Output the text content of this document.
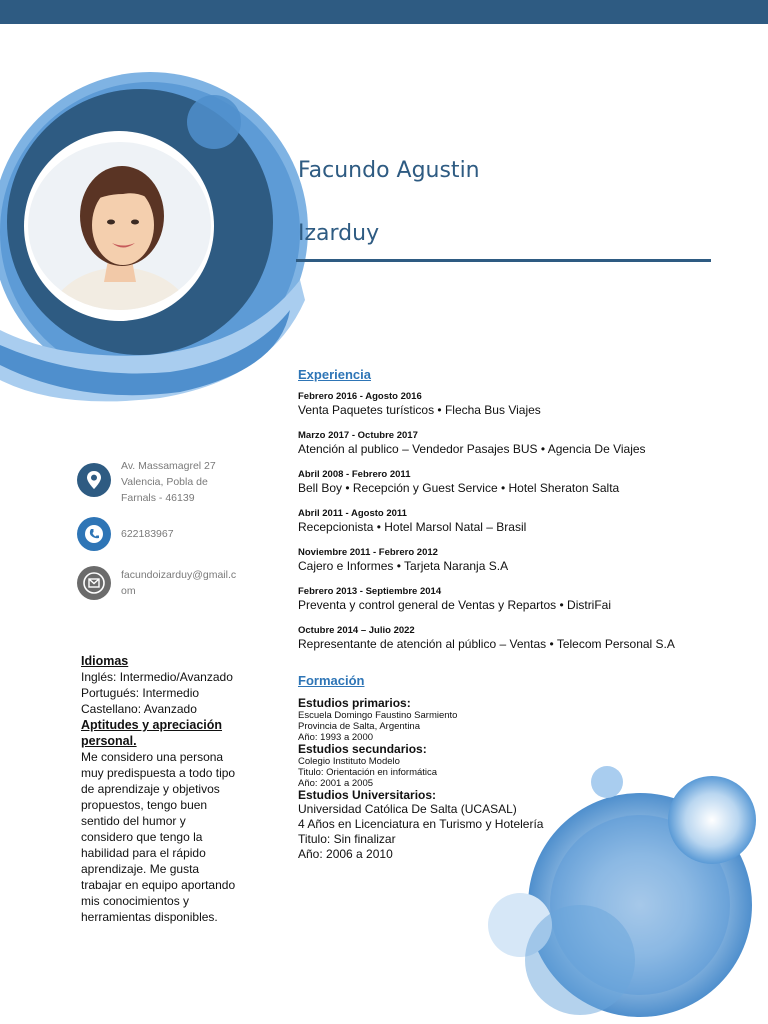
Facundo Agustin
Izarduy
Av. Massamagrel 27
Valencia, Pobla de
Farnals - 46139
622183967
facundoizarduy@gmail.c
om
Idiomas
Inglés: Intermedio/Avanzado
Portugués: Intermedio
Castellano: Avanzado
Aptitudes y apreciación
personal.
Me considero una persona
muy predispuesta a todo tipo
de aprendizaje y objetivos
propuestos, tengo buen
sentido del humor y
considero que tengo la
habilidad para el rápido
aprendizaje. Me gusta
trabajar en equipo aportando
mis conocimientos y
herramientas disponibles.
Experiencia
Febrero 2016 - Agosto 2016
Venta Paquetes turísticos • Flecha Bus Viajes
Marzo 2017 - Octubre 2017
Atención al publico – Vendedor Pasajes BUS • Agencia De Viajes
Abril 2008 - Febrero 2011
Bell Boy • Recepción y Guest Service • Hotel Sheraton Salta
Abril 2011 - Agosto 2011
Recepcionista • Hotel Marsol Natal – Brasil
Noviembre 2011 - Febrero 2012
Cajero e Informes • Tarjeta Naranja S.A
Febrero 2013 - Septiembre 2014
Preventa y control general de Ventas y Repartos • DistriFai
Octubre 2014 – Julio 2022
Representante de atención al público – Ventas • Telecom Personal S.A
Formación
Estudios primarios:
Escuela Domingo Faustino Sarmiento
Provincia de Salta, Argentina
Año: 1993 a 2000
Estudios secundarios:
Colegio Instituto Modelo
Titulo: Orientación en informática
Año: 2001 a 2005
Estudios Universitarios:
Universidad Católica De Salta (UCASAL)
4 Años en Licenciatura en Turismo y Hotelería
Titulo: Sin finalizar
Año: 2006 a 2010
